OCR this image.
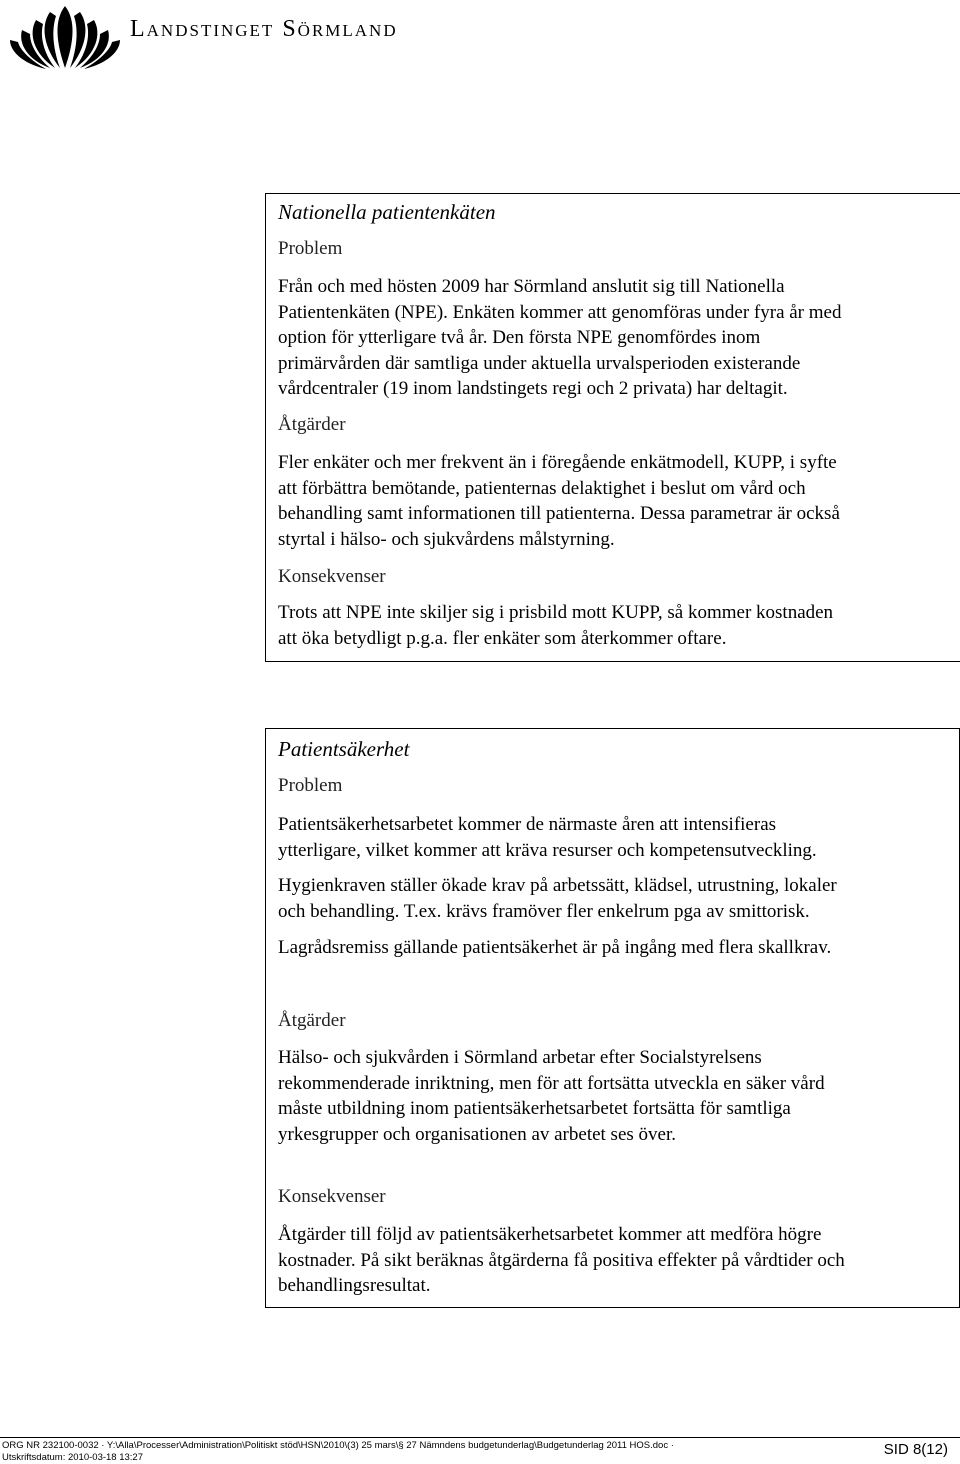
Landstinget Sörmland
Nationella patientenkäten
Problem
Från och med hösten 2009 har Sörmland anslutit sig till Nationella
Patientenkäten (NPE). Enkäten kommer att genomföras under fyra år med
option för ytterligare två år. Den första NPE genomfördes inom
primärvården där samtliga under aktuella urvalsperioden existerande
vårdcentraler (19 inom landstingets regi och 2 privata) har deltagit.
Åtgärder
Fler enkäter och mer frekvent än i föregående enkätmodell, KUPP, i syfte
att förbättra bemötande, patienternas delaktighet i beslut om vård och
behandling samt informationen till patienterna. Dessa parametrar är också
styrtal i hälso- och sjukvårdens målstyrning.
Konsekvenser
Trots att NPE inte skiljer sig i prisbild mott KUPP, så kommer kostnaden
att öka betydligt p.g.a. fler enkäter som återkommer oftare.
Patientsäkerhet
Problem
Patientsäkerhetsarbetet kommer de närmaste åren att intensifieras
ytterligare, vilket kommer att kräva resurser och kompetensutveckling.
Hygienkraven ställer ökade krav på arbetssätt, klädsel, utrustning, lokaler
och behandling. T.ex. krävs framöver fler enkelrum pga av smittorisk.
Lagrådsremiss gällande patientsäkerhet är på ingång med flera skallkrav.
Åtgärder
Hälso- och sjukvården i Sörmland arbetar efter Socialstyrelsens
rekommenderade inriktning, men för att fortsätta utveckla en säker vård
måste utbildning inom patientsäkerhetsarbetet fortsätta för samtliga
yrkesgrupper och organisationen av arbetet ses över.
Konsekvenser
Åtgärder till följd av patientsäkerhetsarbetet kommer att medföra högre
kostnader. På sikt beräknas åtgärderna få positiva effekter på vårdtider och
behandlingsresultat.
ORG NR 232100-0032 · Y:\Alla\Processer\Administration\Politiskt stöd\HSN\2010\(3) 25 mars\§ 27 Nämndens budgetunderlag\Budgetunderlag 2011 HOS.doc ·
Utskriftsdatum: 2010-03-18 13:27	SID 8(12)
